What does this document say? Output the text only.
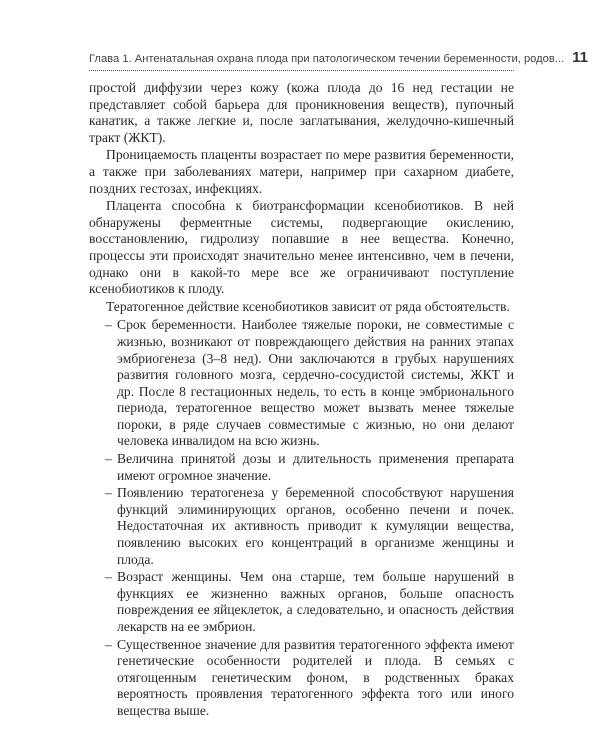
Глава 1. Антенатальная охрана плода при патологическом течении беременности, родов... 11

простой диффузии через кожу (кожа плода до 16 нед гестации не представляет собой барьера для проникновения веществ), пупочный канатик, а также легкие и, после заглатывания, желудочно-кишечный тракт (ЖКТ).

Проницаемость плаценты возрастает по мере развития беременности, а также при заболеваниях матери, например при сахарном диабете, поздних гестозах, инфекциях.

Плацента способна к биотрансформации ксенобиотиков. В ней обнаружены ферментные системы, подвергающие окислению, восстановлению, гидролизу попавшие в нее вещества. Конечно, процессы эти происходят значительно менее интенсивно, чем в печени, однако они в какой-то мере все же ограничивают поступление ксенобиотиков к плоду.

Тератогенное действие ксенобиотиков зависит от ряда обстоятельств.

– Срок беременности. Наиболее тяжелые пороки, не совместимые с жизнью, возникают от повреждающего действия на ранних этапах эмбриогенеза (3–8 нед). Они заключаются в грубых нарушениях развития головного мозга, сердечно-сосудистой системы, ЖКТ и др. После 8 гестационных недель, то есть в конце эмбрионального периода, тератогенное вещество может вызвать менее тяжелые пороки, в ряде случаев совместимые с жизнью, но они делают человека инвалидом на всю жизнь.
– Величина принятой дозы и длительность применения препарата имеют огромное значение.
– Появлению тератогенеза у беременной способствуют нарушения функций элиминирующих органов, особенно печени и почек. Недостаточная их активность приводит к кумуляции вещества, появлению высоких его концентраций в организме женщины и плода.
– Возраст женщины. Чем она старше, тем больше нарушений в функциях ее жизненно важных органов, больше опасность повреждения ее яйцеклеток, а следовательно, и опасность действия лекарств на ее эмбрион.
– Существенное значение для развития тератогенного эффекта имеют генетические особенности родителей и плода. В семьях с отягощенным генетическим фоном, в родственных браках вероятность проявления тератогенного эффекта того или иного вещества выше.
